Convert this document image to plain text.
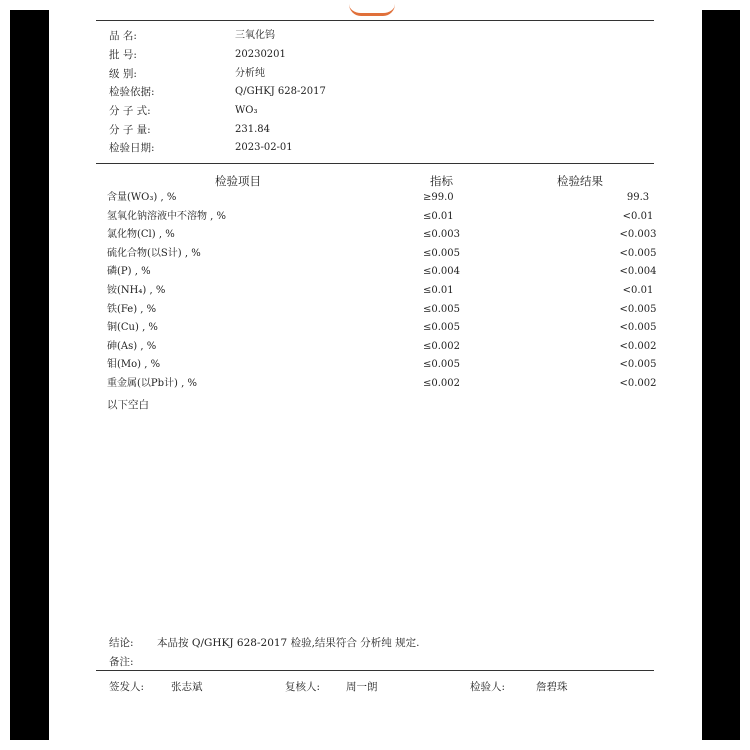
品 名:	三氧化钨
批 号:	20230201
级 别:	分析纯
检验依据:	Q/GHKJ 628-2017
分 子 式:	WO₃
分 子 量:	231.84
检验日期:	2023-02-01
检验项目	指标	检验结果
含量(WO₃) , %	≥99.0	99.3
氢氧化钠溶液中不溶物 , %	≤0.01	<0.01
氯化物(Cl) , %	≤0.003	<0.003
硫化合物(以S计) , %	≤0.005	<0.005
磷(P) , %	≤0.004	<0.004
铵(NH₄) , %	≤0.01	<0.01
铁(Fe) , %	≤0.005	<0.005
铜(Cu) , %	≤0.005	<0.005
砷(As) , %	≤0.002	<0.002
钼(Mo) , %	≤0.005	<0.005
重金属(以Pb计) , %	≤0.002	<0.002
以下空白
结论: 本品按 Q/GHKJ 628-2017 检验,结果符合 分析纯 规定.
备注:
签发人:	张志斌	复核人: 周一朗	检验人:	詹碧珠
